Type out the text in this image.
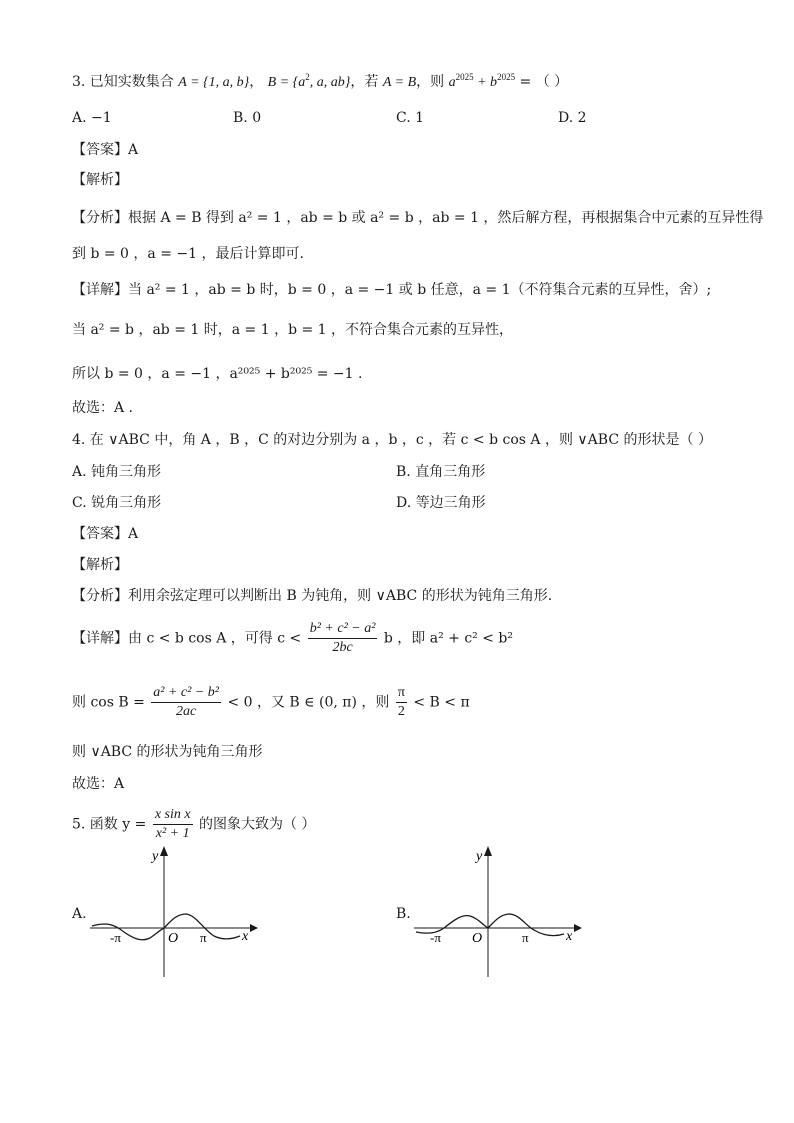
3. 已知实数集合 A = {1, a, b}， $B = \{a^2$, a, ab}，若 A = B，则 $a^{2025} + b^{2025}$ = （ ）
A. −1	B. 0	C. 1	D. 2
【答案】A
【解析】
【分析】根据 A = B 得到 a² = 1 ，ab = b 或 a² = b ，ab = 1 ，然后解方程，再根据集合中元素的互异性得
到 b = 0 ，a = −1 ，最后计算即可.
【详解】当 a² = 1 ，ab = b 时，b = 0 ，a = −1 或 b 任意，a = 1（不符集合元素的互异性，舍）;
当 a² = b ，ab = 1 时，a = 1 ，b = 1 ，不符合集合元素的互异性，
所以 b = 0 ，a = −1 ，a²⁰²⁵ + b²⁰²⁵ = −1 .
故选：A .
4. 在 ∨ABC 中，角 A ，B ，C 的对边分别为 a ，b ，c ，若 c < b cos A ，则 ∨ABC 的形状是（ ）
A. 钝角三角形	B. 直角三角形
C. 锐角三角形	D. 等边三角形
【答案】A
【解析】
【分析】利用余弦定理可以判断出 B 为钝角，则 ∨ABC 的形状为钝角三角形.
【详解】由 c < b cos A ，可得 $c < \frac{\text{b² + c² − a²}}{2bc}$ b ，即 a² + c² < b²
则 $\cos B = \frac{\text{a² + c² − b²}}{2ac} < 0$ ，又 B ∈ (0, π) ，则 $\frac{\pi}{2} < B < \pi$
则 ∨ABC 的形状为钝角三角形
故选：A
5. 函数 $y = \frac{\text{x sin x}}{\text{x² + 1}}$ 的图象大致为（ ）
A.
x
y
O
-π	π
B.
x
y
O
-π	π
